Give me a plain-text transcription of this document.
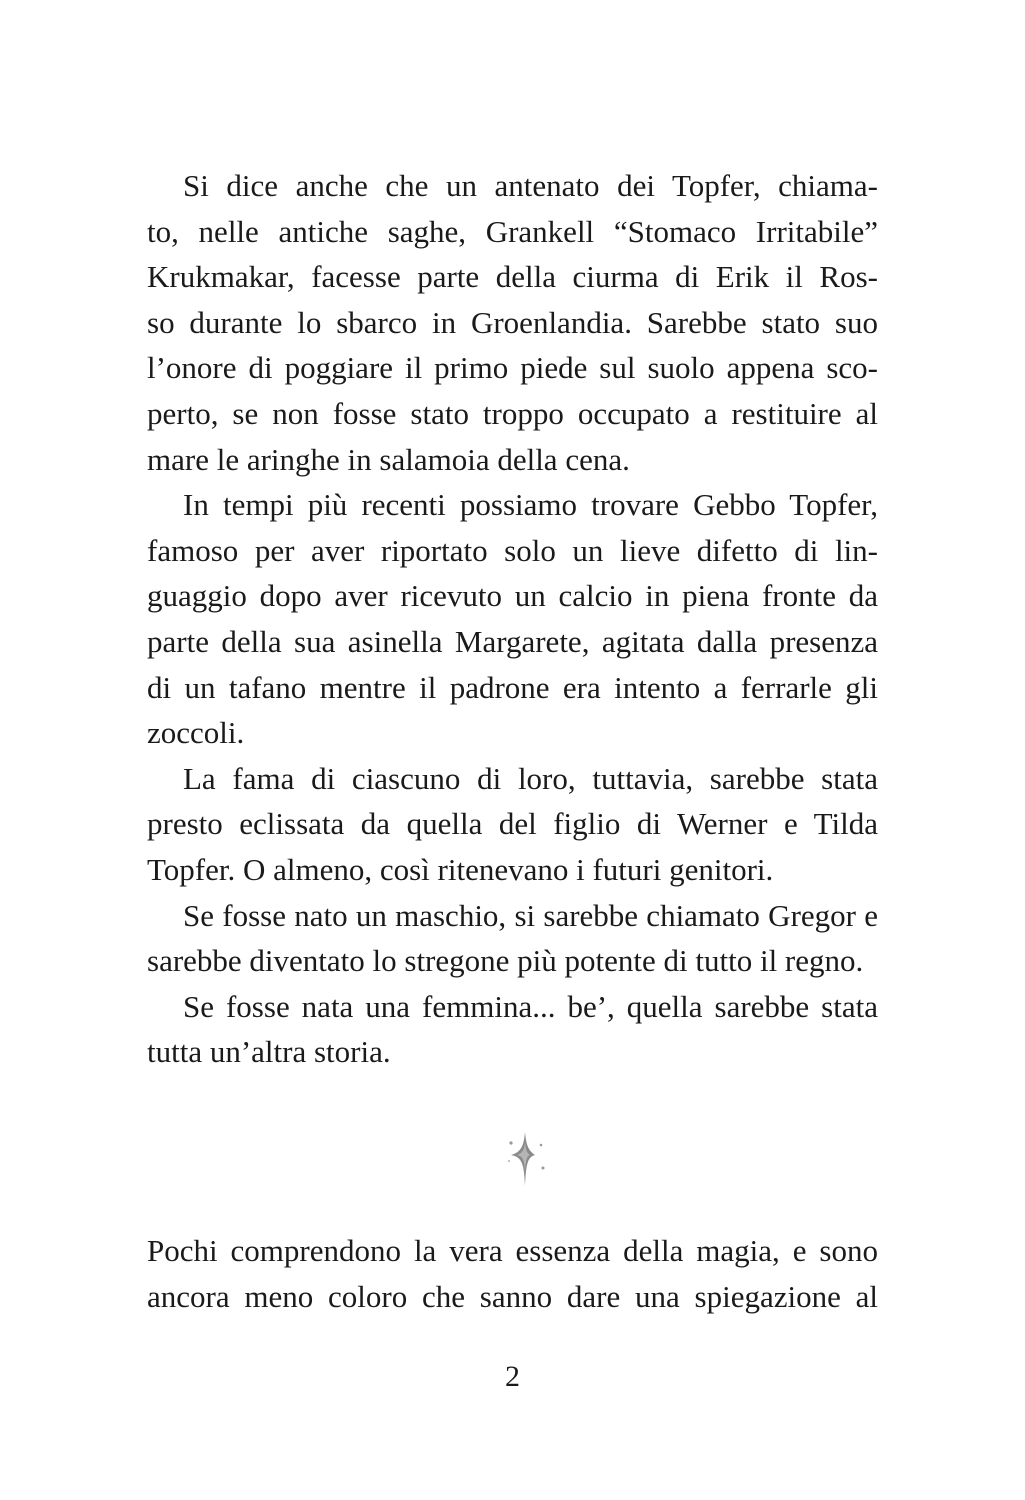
Si dice anche che un antenato dei Topfer, chiama-
to, nelle antiche saghe, Grankell “Stomaco Irritabile”
Krukmakar, facesse parte della ciurma di Erik il Ros-
so durante lo sbarco in Groenlandia. Sarebbe stato suo
l’onore di poggiare il primo piede sul suolo appena sco-
perto, se non fosse stato troppo occupato a restituire al
mare le aringhe in salamoia della cena.
In tempi più recenti possiamo trovare Gebbo Topfer,
famoso per aver riportato solo un lieve difetto di lin-
guaggio dopo aver ricevuto un calcio in piena fronte da
parte della sua asinella Margarete, agitata dalla presenza
di un tafano mentre il padrone era intento a ferrarle gli
zoccoli.
La fama di ciascuno di loro, tuttavia, sarebbe stata
presto eclissata da quella del figlio di Werner e Tilda
Topfer. O almeno, così ritenevano i futuri genitori.
Se fosse nato un maschio, si sarebbe chiamato Gregor e
sarebbe diventato lo stregone più potente di tutto il regno.
Se fosse nata una femmina... be’, quella sarebbe stata
tutta un’altra storia.
Pochi comprendono la vera essenza della magia, e sono
ancora meno coloro che sanno dare una spiegazione al
2
